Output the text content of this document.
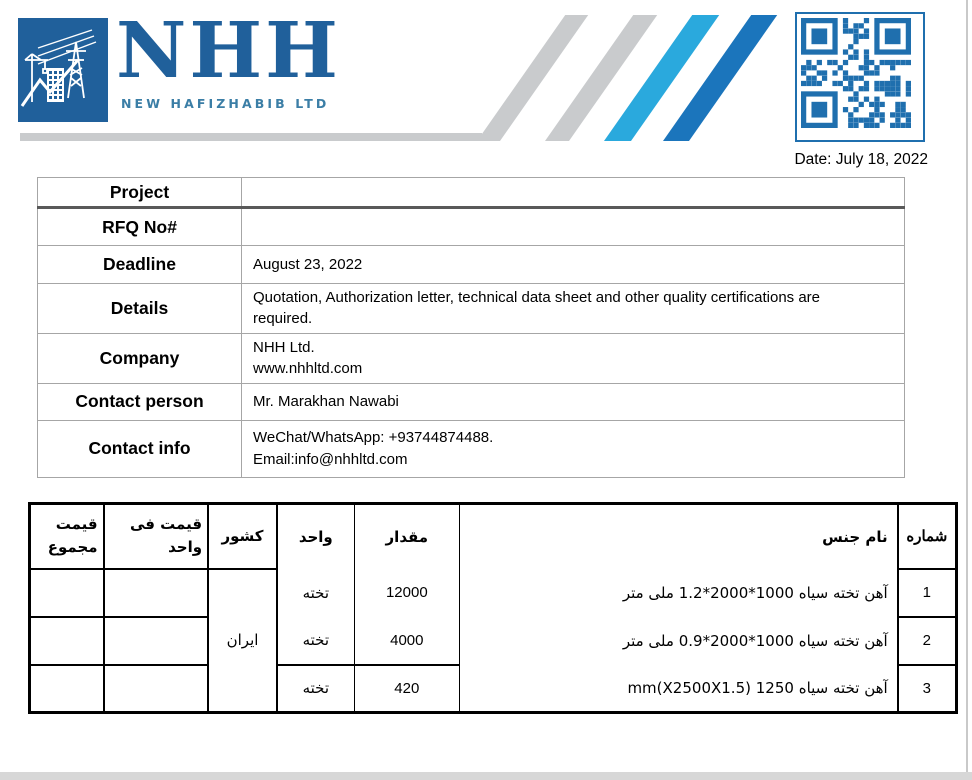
NHH
NEW HAFIZHABIB LTD
Date: July 18, 2022
Project	
RFQ No#	
Deadline	August 23, 2022
Details	Quotation, Authorization letter, technical data sheet and other quality certifications are
required.
Company	NHH Ltd.
www.nhhltd.com
Contact person	Mr. Marakhan Nawabi
Contact info	WeChat/WhatsApp: +93744874488.
Email:info@nhhltd.com
شماره	نام جنس	مقدار	واحد	کشور	قیمت فی واحد	قیمت مجموع
1	آهن تخته سیاه 1000*2000*1.2 ملی متر	12000	تخته	ایران		
2	آهن تخته سیاه 1000*2000*0.9 ملی متر	4000	تخته			
3	آهن تخته سیاه 1250 (X2500X1.5)mm	420	تخته			
